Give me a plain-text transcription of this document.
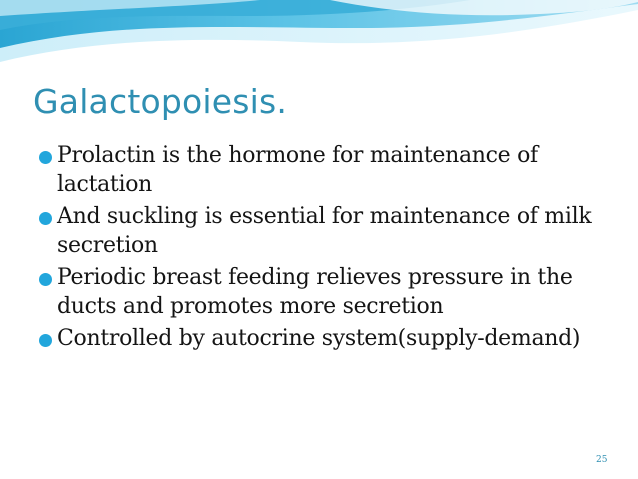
Galactopoiesis.
Prolactin is the hormone for maintenance of lactation
And suckling is essential for maintenance of milk secretion
Periodic breast feeding relieves pressure in the ducts and promotes more secretion
Controlled by autocrine system(supply-demand)
25
